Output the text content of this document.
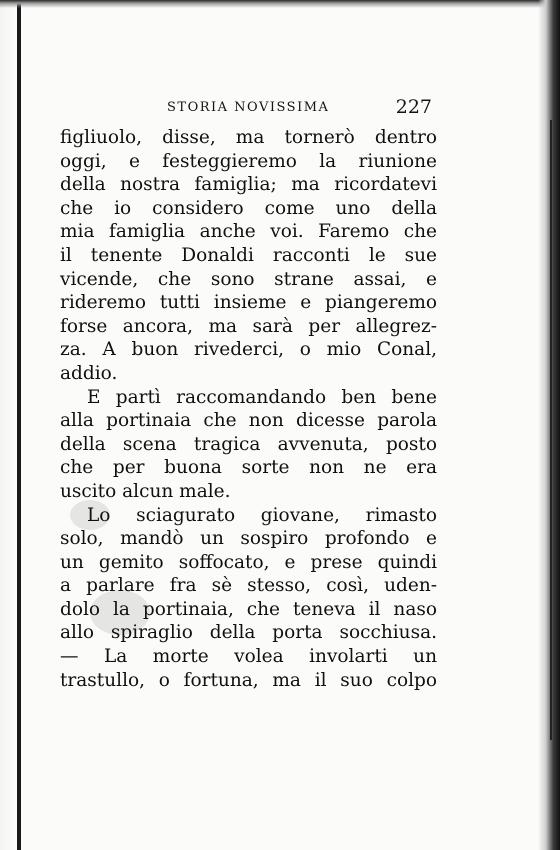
STORIA NOVISSIMA	227
figliuolo, disse, ma tornerò dentro
oggi, e festeggieremo la riunione
della nostra famiglia; ma ricordatevi
che io considero come uno della
mia famiglia anche voi. Faremo che
il tenente Donaldi racconti le sue
vicende, che sono strane assai, e
rideremo tutti insieme e piangeremo
forse ancora, ma sarà per allegrez-
za. A buon rivederci, o mio Conal,
addio.
E partì raccomandando ben bene
alla portinaia che non dicesse parola
della scena tragica avvenuta, posto
che per buona sorte non ne era
uscito alcun male.
Lo sciagurato giovane, rimasto
solo, mandò un sospiro profondo e
un gemito soffocato, e prese quindi
a parlare fra sè stesso, così, uden-
dolo la portinaia, che teneva il naso
allo spiraglio della porta socchiusa.
— La morte volea involarti un
trastullo, o fortuna, ma il suo colpo
